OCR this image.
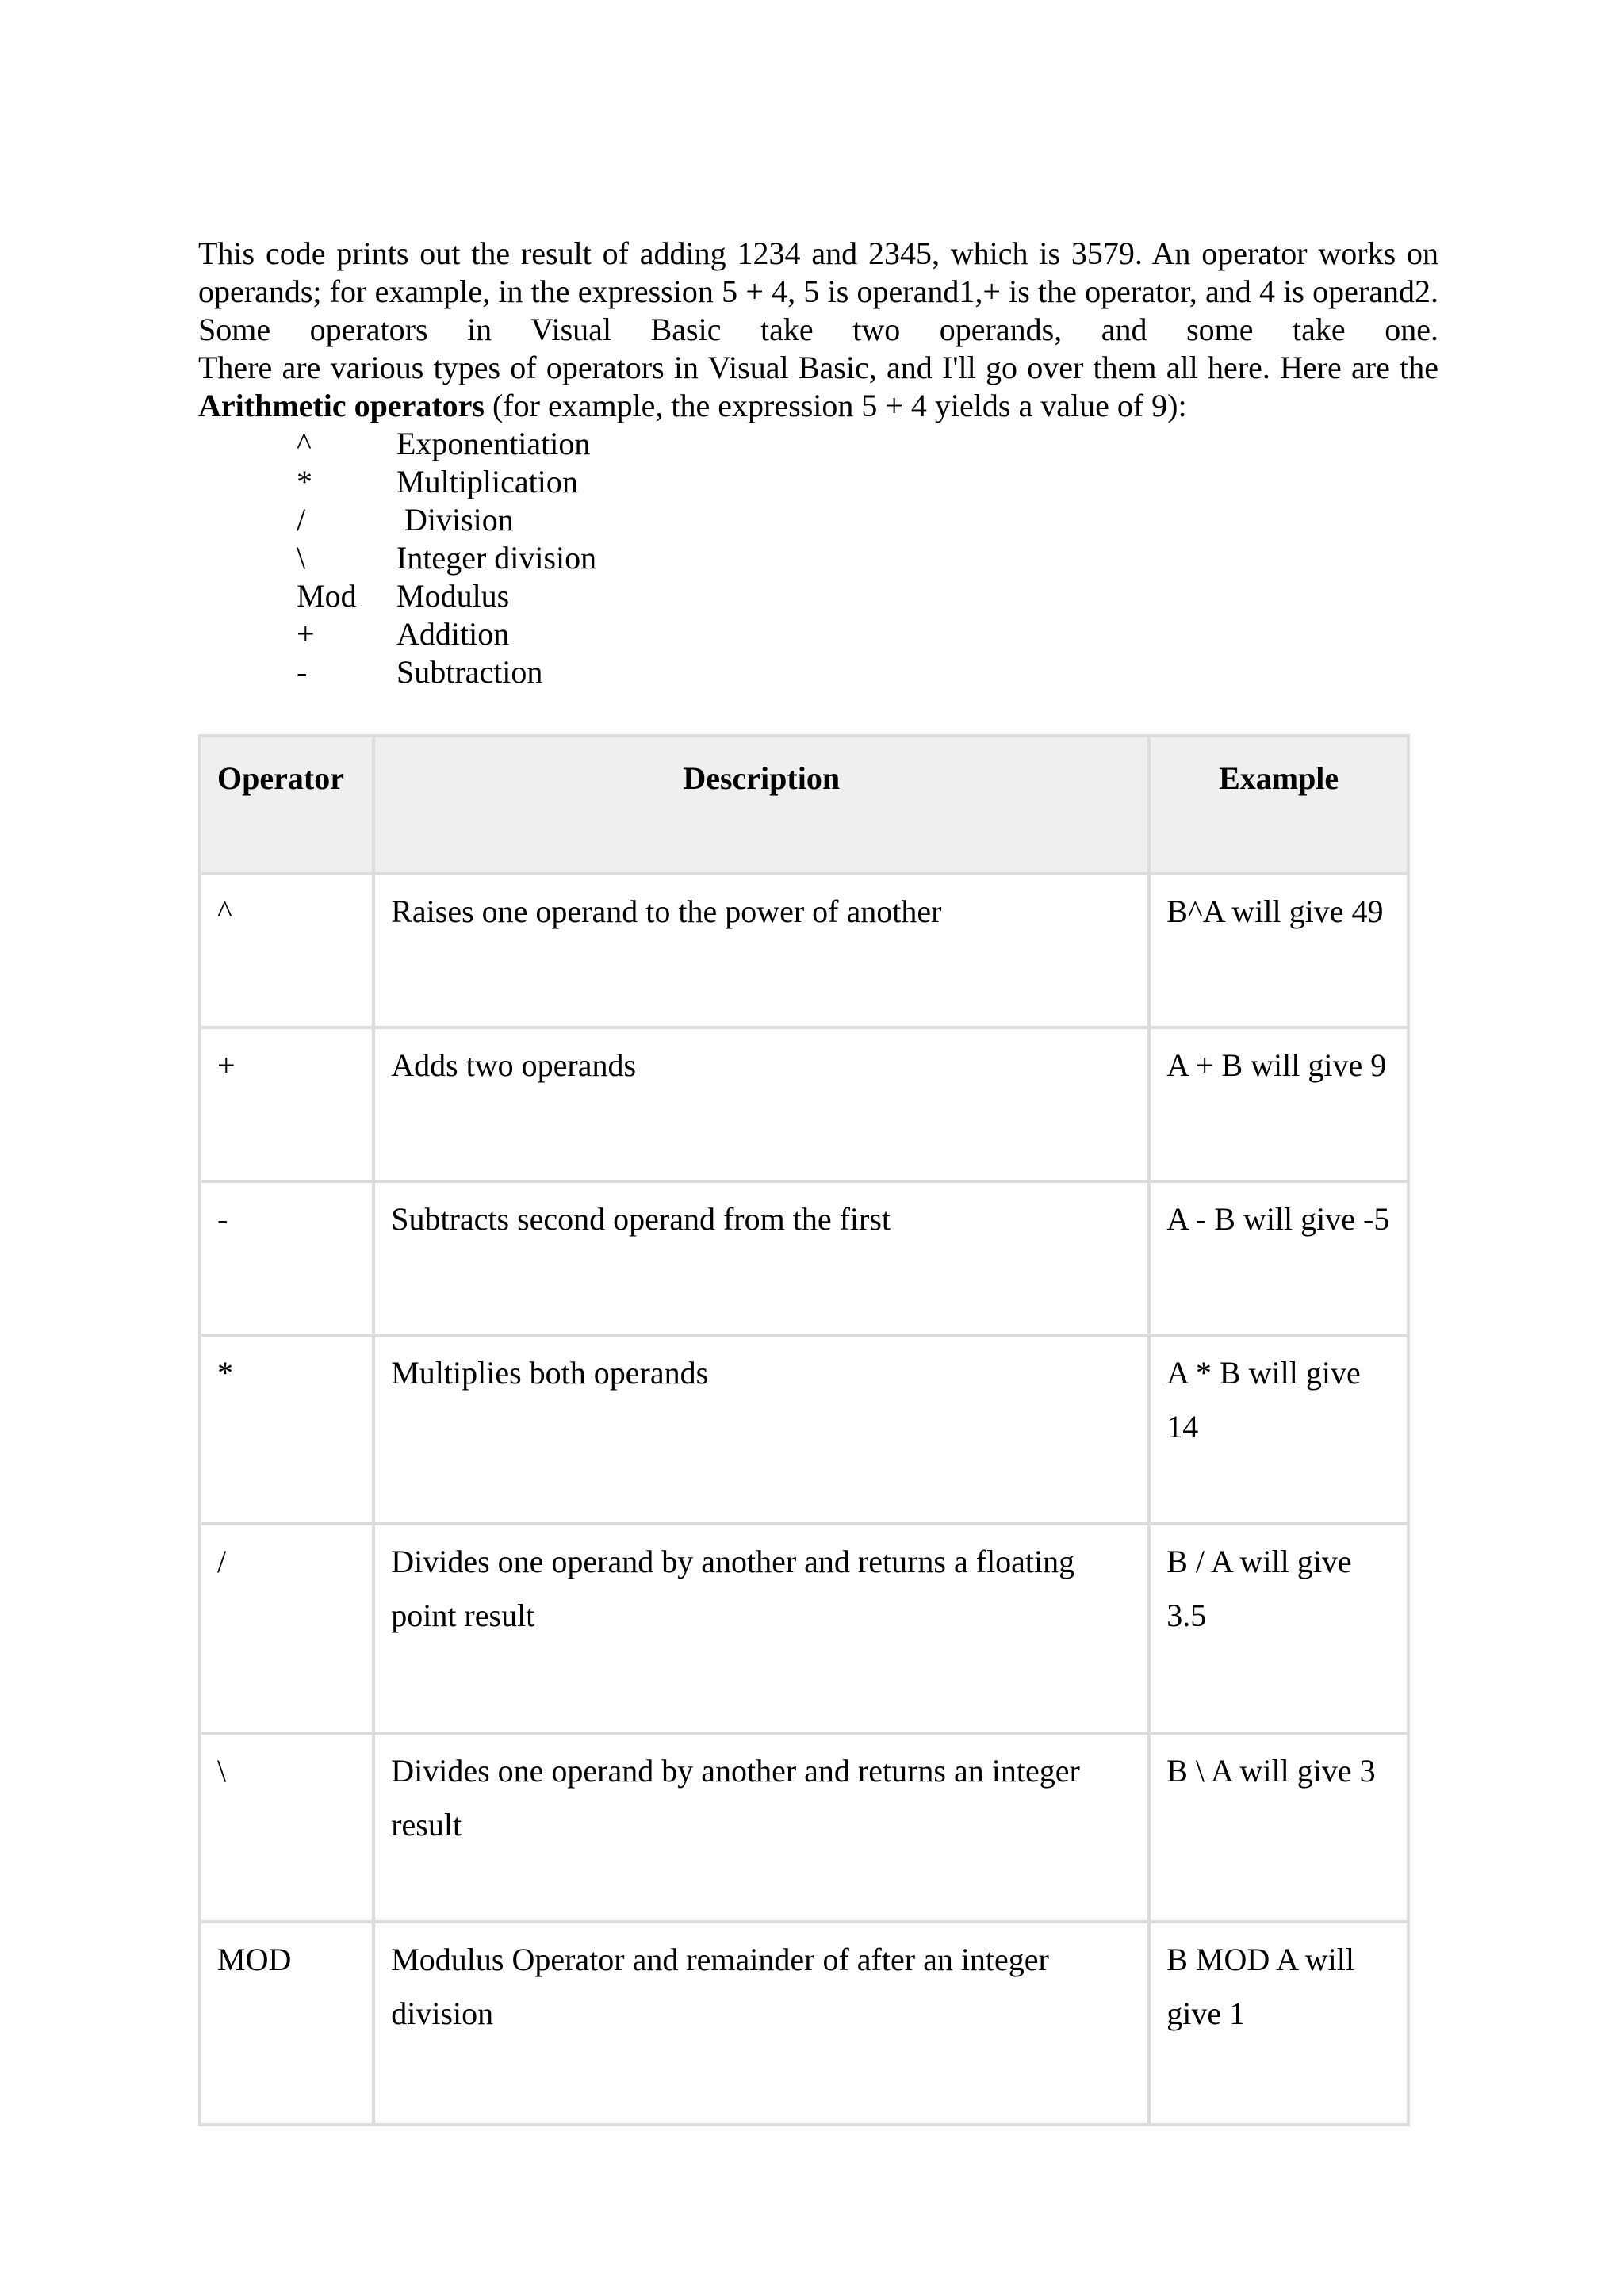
This code prints out the result of adding 1234 and 2345, which is 3579. An operator works on operands; for example, in the expression 5 + 4, 5 is operand1,+ is the operator, and 4 is operand2. Some operators in Visual Basic take two operands, and some take one.

There are various types of operators in Visual Basic, and I'll go over them all here. Here are the Arithmetic operators (for example, the expression 5 + 4 yields a value of 9):

^	Exponentiation
*	Multiplication
/	Division
\	Integer division
Mod	Modulus
+	Addition
-	Subtraction
Operator	Description	Example
^	Raises one operand to the power of another	B^A will give 49
+	Adds two operands	A + B will give 9
-	Subtracts second operand from the first	A - B will give -5
*	Multiplies both operands	A * B will give 14
/	Divides one operand by another and returns a floating point result	B / A will give 3.5
\	Divides one operand by another and returns an integer result	B \ A will give 3
MOD	Modulus Operator and remainder of after an integer division	B MOD A will give 1
